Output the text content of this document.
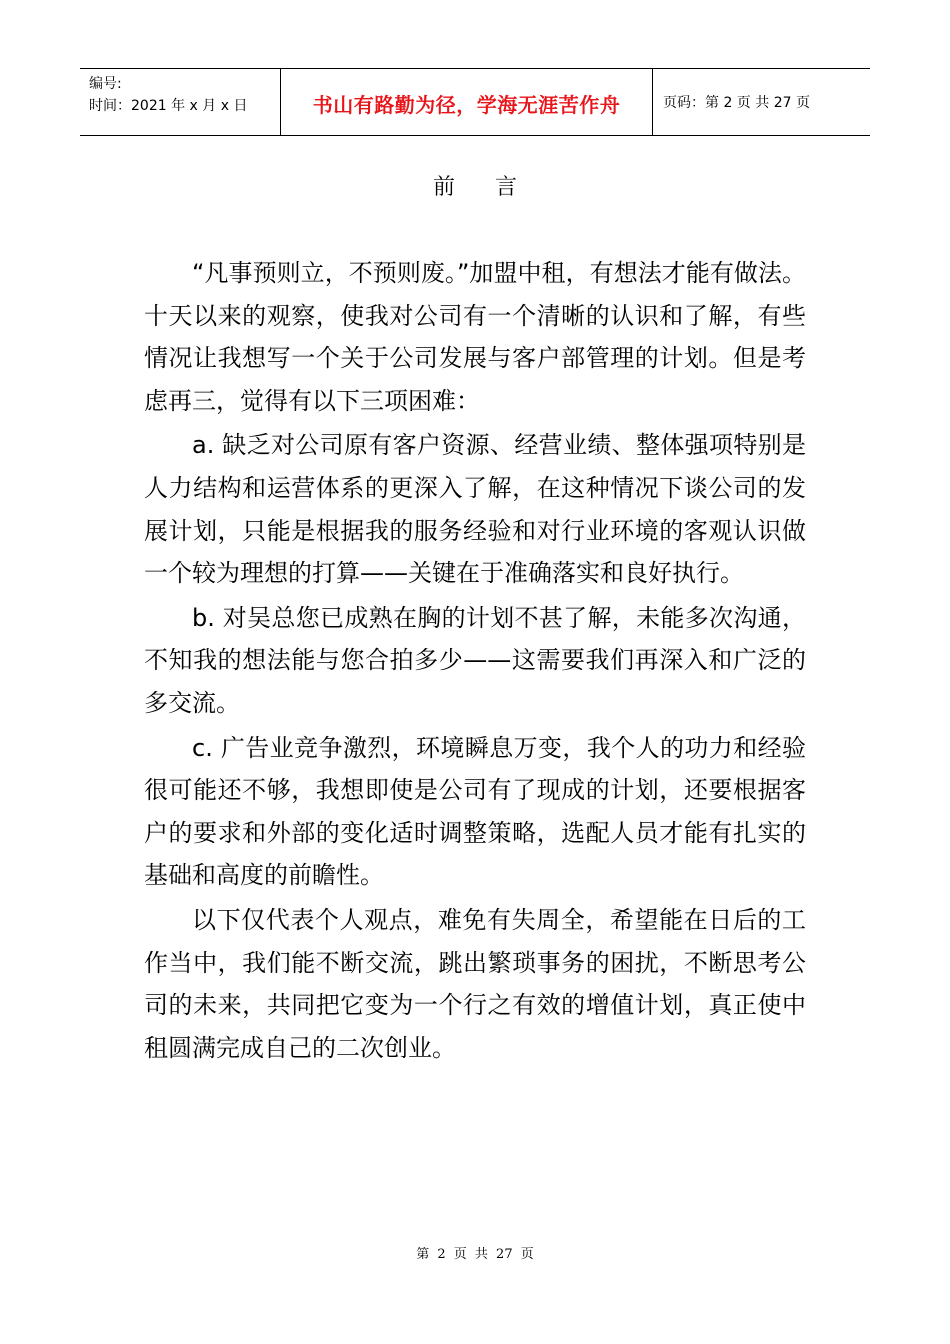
编号:
时间：2021 年 x 月 x 日	书山有路勤为径，学海无涯苦作舟	页码：第 2 页 共 27 页
前 言

“凡事预则立，不预则废。”加盟中租，有想法才能有做法。 十天以来的观察，使我对公司有一个清晰的认识和了解，有些情况让我想写一个关于公司发展与客户部管理的计划。但是考虑再三，觉得有以下三项困难：

a. 缺乏对公司原有客户资源、经营业绩、整体强项特别是人力结构和运营体系的更深入了解，在这种情况下谈公司的发展计划，只能是根据我的服务经验和对行业环境的客观认识做一个较为理想的打算——关键在于准确落实和良好执行。

b. 对吴总您已成熟在胸的计划不甚了解，未能多次沟通，不知我的想法能与您合拍多少——这需要我们再深入和广泛的多交流。

c. 广告业竞争激烈，环境瞬息万变，我个人的功力和经验很可能还不够，我想即使是公司有了现成的计划，还要根据客户的要求和外部的变化适时调整策略，选配人员才能有扎实的基础和高度的前瞻性。

以下仅代表个人观点，难免有失周全，希望能在日后的工作当中，我们能不断交流，跳出繁琐事务的困扰，不断思考公司的未来，共同把它变为一个行之有效的增值计划，真正使中租圆满完成自己的二次创业。

第 2 页 共 27 页
